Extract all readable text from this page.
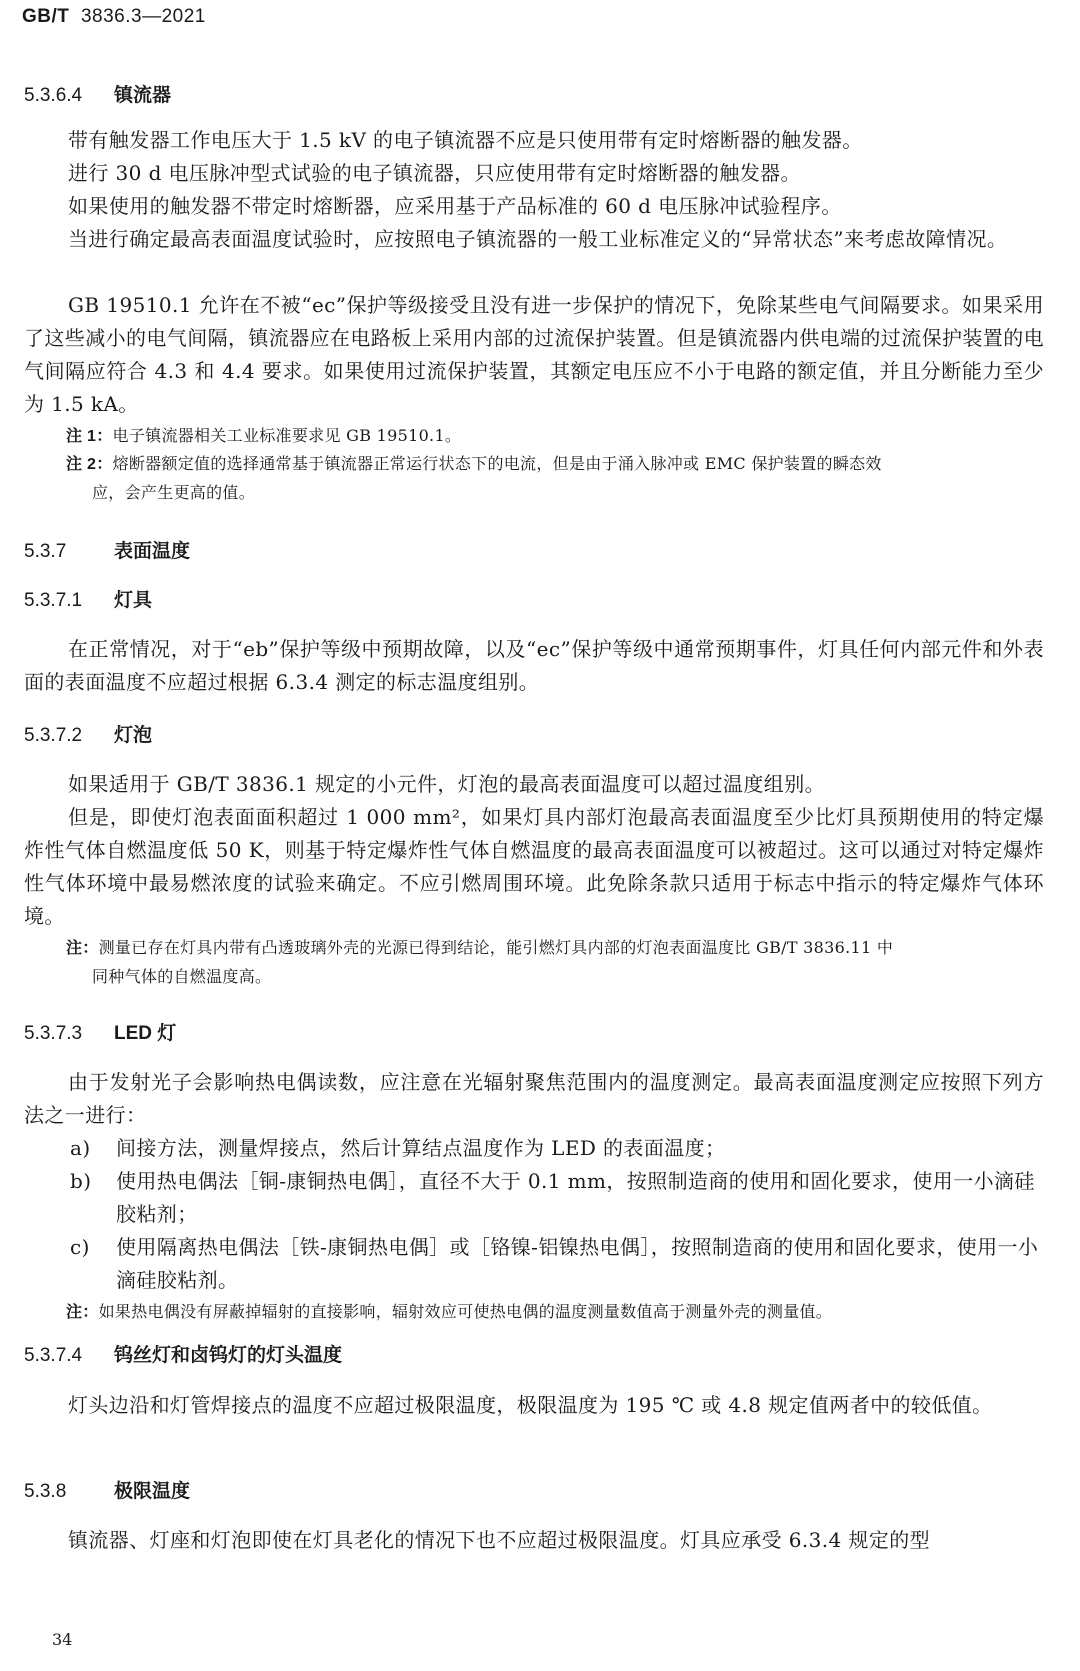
GB/T 3836.3—2021
5.3.6.4 镇流器
带有触发器工作电压大于 1.5 kV 的电子镇流器不应是只使用带有定时熔断器的触发器。
进行 30 d 电压脉冲型式试验的电子镇流器，只应使用带有定时熔断器的触发器。
如果使用的触发器不带定时熔断器，应采用基于产品标准的 60 d 电压脉冲试验程序。
当进行确定最高表面温度试验时，应按照电子镇流器的一般工业标准定义的“异常状态”来考虑故障情况。
GB 19510.1 允许在不被“ec”保护等级接受且没有进一步保护的情况下，免除某些电气间隔要求。如果采用了这些减小的电气间隔，镇流器应在电路板上采用内部的过流保护装置。但是镇流器内供电端的过流保护装置的电气间隔应符合 4.3 和 4.4 要求。如果使用过流保护装置，其额定电压应不小于电路的额定值，并且分断能力至少为 1.5 kA。
注 1：电子镇流器相关工业标准要求见 GB 19510.1。
注 2：熔断器额定值的选择通常基于镇流器正常运行状态下的电流，但是由于涌入脉冲或 EMC 保护装置的瞬态效
应，会产生更高的值。
5.3.7	表面温度
5.3.7.1 灯具
在正常情况，对于“eb”保护等级中预期故障，以及“ec”保护等级中通常预期事件，灯具任何内部元件和外表面的表面温度不应超过根据 6.3.4 测定的标志温度组别。
5.3.7.2 灯泡
如果适用于 GB/T 3836.1 规定的小元件，灯泡的最高表面温度可以超过温度组别。
但是，即使灯泡表面面积超过 1 000 mm²，如果灯具内部灯泡最高表面温度至少比灯具预期使用的特定爆炸性气体自燃温度低 50 K，则基于特定爆炸性气体自燃温度的最高表面温度可以被超过。这可以通过对特定爆炸性气体环境中最易燃浓度的试验来确定。不应引燃周围环境。此免除条款只适用于标志中指示的特定爆炸气体环境。
注：测量已存在灯具内带有凸透玻璃外壳的光源已得到结论，能引燃灯具内部的灯泡表面温度比 GB/T 3836.11 中
同种气体的自燃温度高。
5.3.7.3 LED 灯
由于发射光子会影响热电偶读数，应注意在光辐射聚焦范围内的温度测定。最高表面温度测定应按照下列方法之一进行：
a)	间接方法，测量焊接点，然后计算结点温度作为 LED 的表面温度；
b)	使用热电偶法［铜-康铜热电偶］，直径不大于 0.1 mm，按照制造商的使用和固化要求，使用一小滴硅胶粘剂；
c)	使用隔离热电偶法［铁-康铜热电偶］或［铬镍-铝镍热电偶］，按照制造商的使用和固化要求，使用一小滴硅胶粘剂。
注：如果热电偶没有屏蔽掉辐射的直接影响，辐射效应可使热电偶的温度测量数值高于测量外壳的测量值。
5.3.7.4 钨丝灯和卤钨灯的灯头温度
灯头边沿和灯管焊接点的温度不应超过极限温度，极限温度为 195 ℃ 或 4.8 规定值两者中的较低值。
5.3.8	极限温度
镇流器、灯座和灯泡即使在灯具老化的情况下也不应超过极限温度。灯具应承受 6.3.4 规定的型
34
